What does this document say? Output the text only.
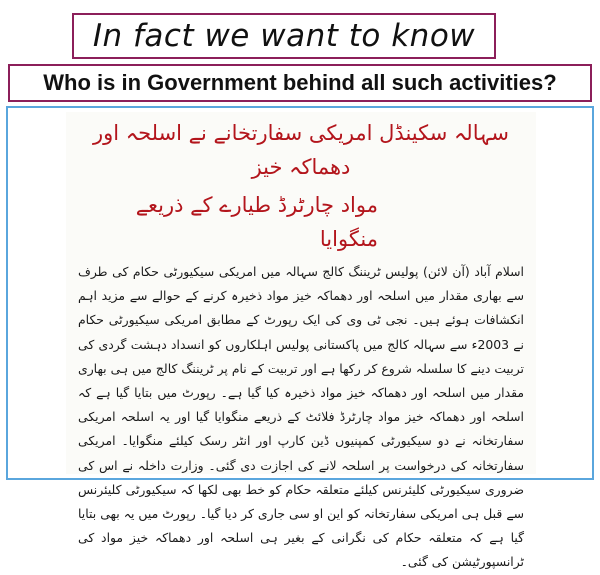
In fact we want to know
Who is in Government behind all such activities?
سہالہ سکینڈل امریکی سفارتخانے نے اسلحہ اور دھماکہ خیز
مواد چارٹرڈ طیارے کے ذریعے منگوایا
اسلام آباد (آن لائن) پولیس ٹریننگ کالج سہالہ میں امریکی سیکیورٹی حکام کی طرف سے بھاری مقدار میں اسلحہ اور دھماکہ خیز مواد ذخیرہ کرنے کے حوالے سے مزید اہم انکشافات ہوئے ہیں۔ نجی ٹی وی کی ایک رپورٹ کے مطابق امریکی سیکیورٹی حکام نے 2003ء سے سہالہ کالج میں پاکستانی پولیس اہلکاروں کو انسداد دہشت گردی کی تربیت دینے کا سلسلہ شروع کر رکھا ہے اور تربیت کے نام پر ٹریننگ کالج میں ہی بھاری مقدار میں اسلحہ اور دھماکہ خیز مواد ذخیرہ کیا گیا ہے۔ رپورٹ میں بتایا گیا ہے کہ اسلحہ اور دھماکہ خیز مواد چارٹرڈ فلائٹ کے ذریعے منگوایا گیا اور یہ اسلحہ امریکی سفارتخانہ نے دو سیکیورٹی کمپنیوں ڈین کارپ اور انٹر رسک کیلئے منگوایا۔ امریکی سفارتخانہ کی درخواست پر اسلحہ لانے کی اجازت دی گئی۔ وزارت داخلہ نے اس کی ضروری سیکیورٹی کلیئرنس کیلئے متعلقہ حکام کو خط بھی لکھا کہ سیکیورٹی کلیئرنس سے قبل ہی امریکی سفارتخانہ کو این او سی جاری کر دیا گیا۔ رپورٹ میں یہ بھی بتایا گیا ہے کہ متعلقہ حکام کی نگرانی کے بغیر ہی اسلحہ اور دھماکہ خیز مواد کی ٹرانسپورٹیشن کی گئی۔
